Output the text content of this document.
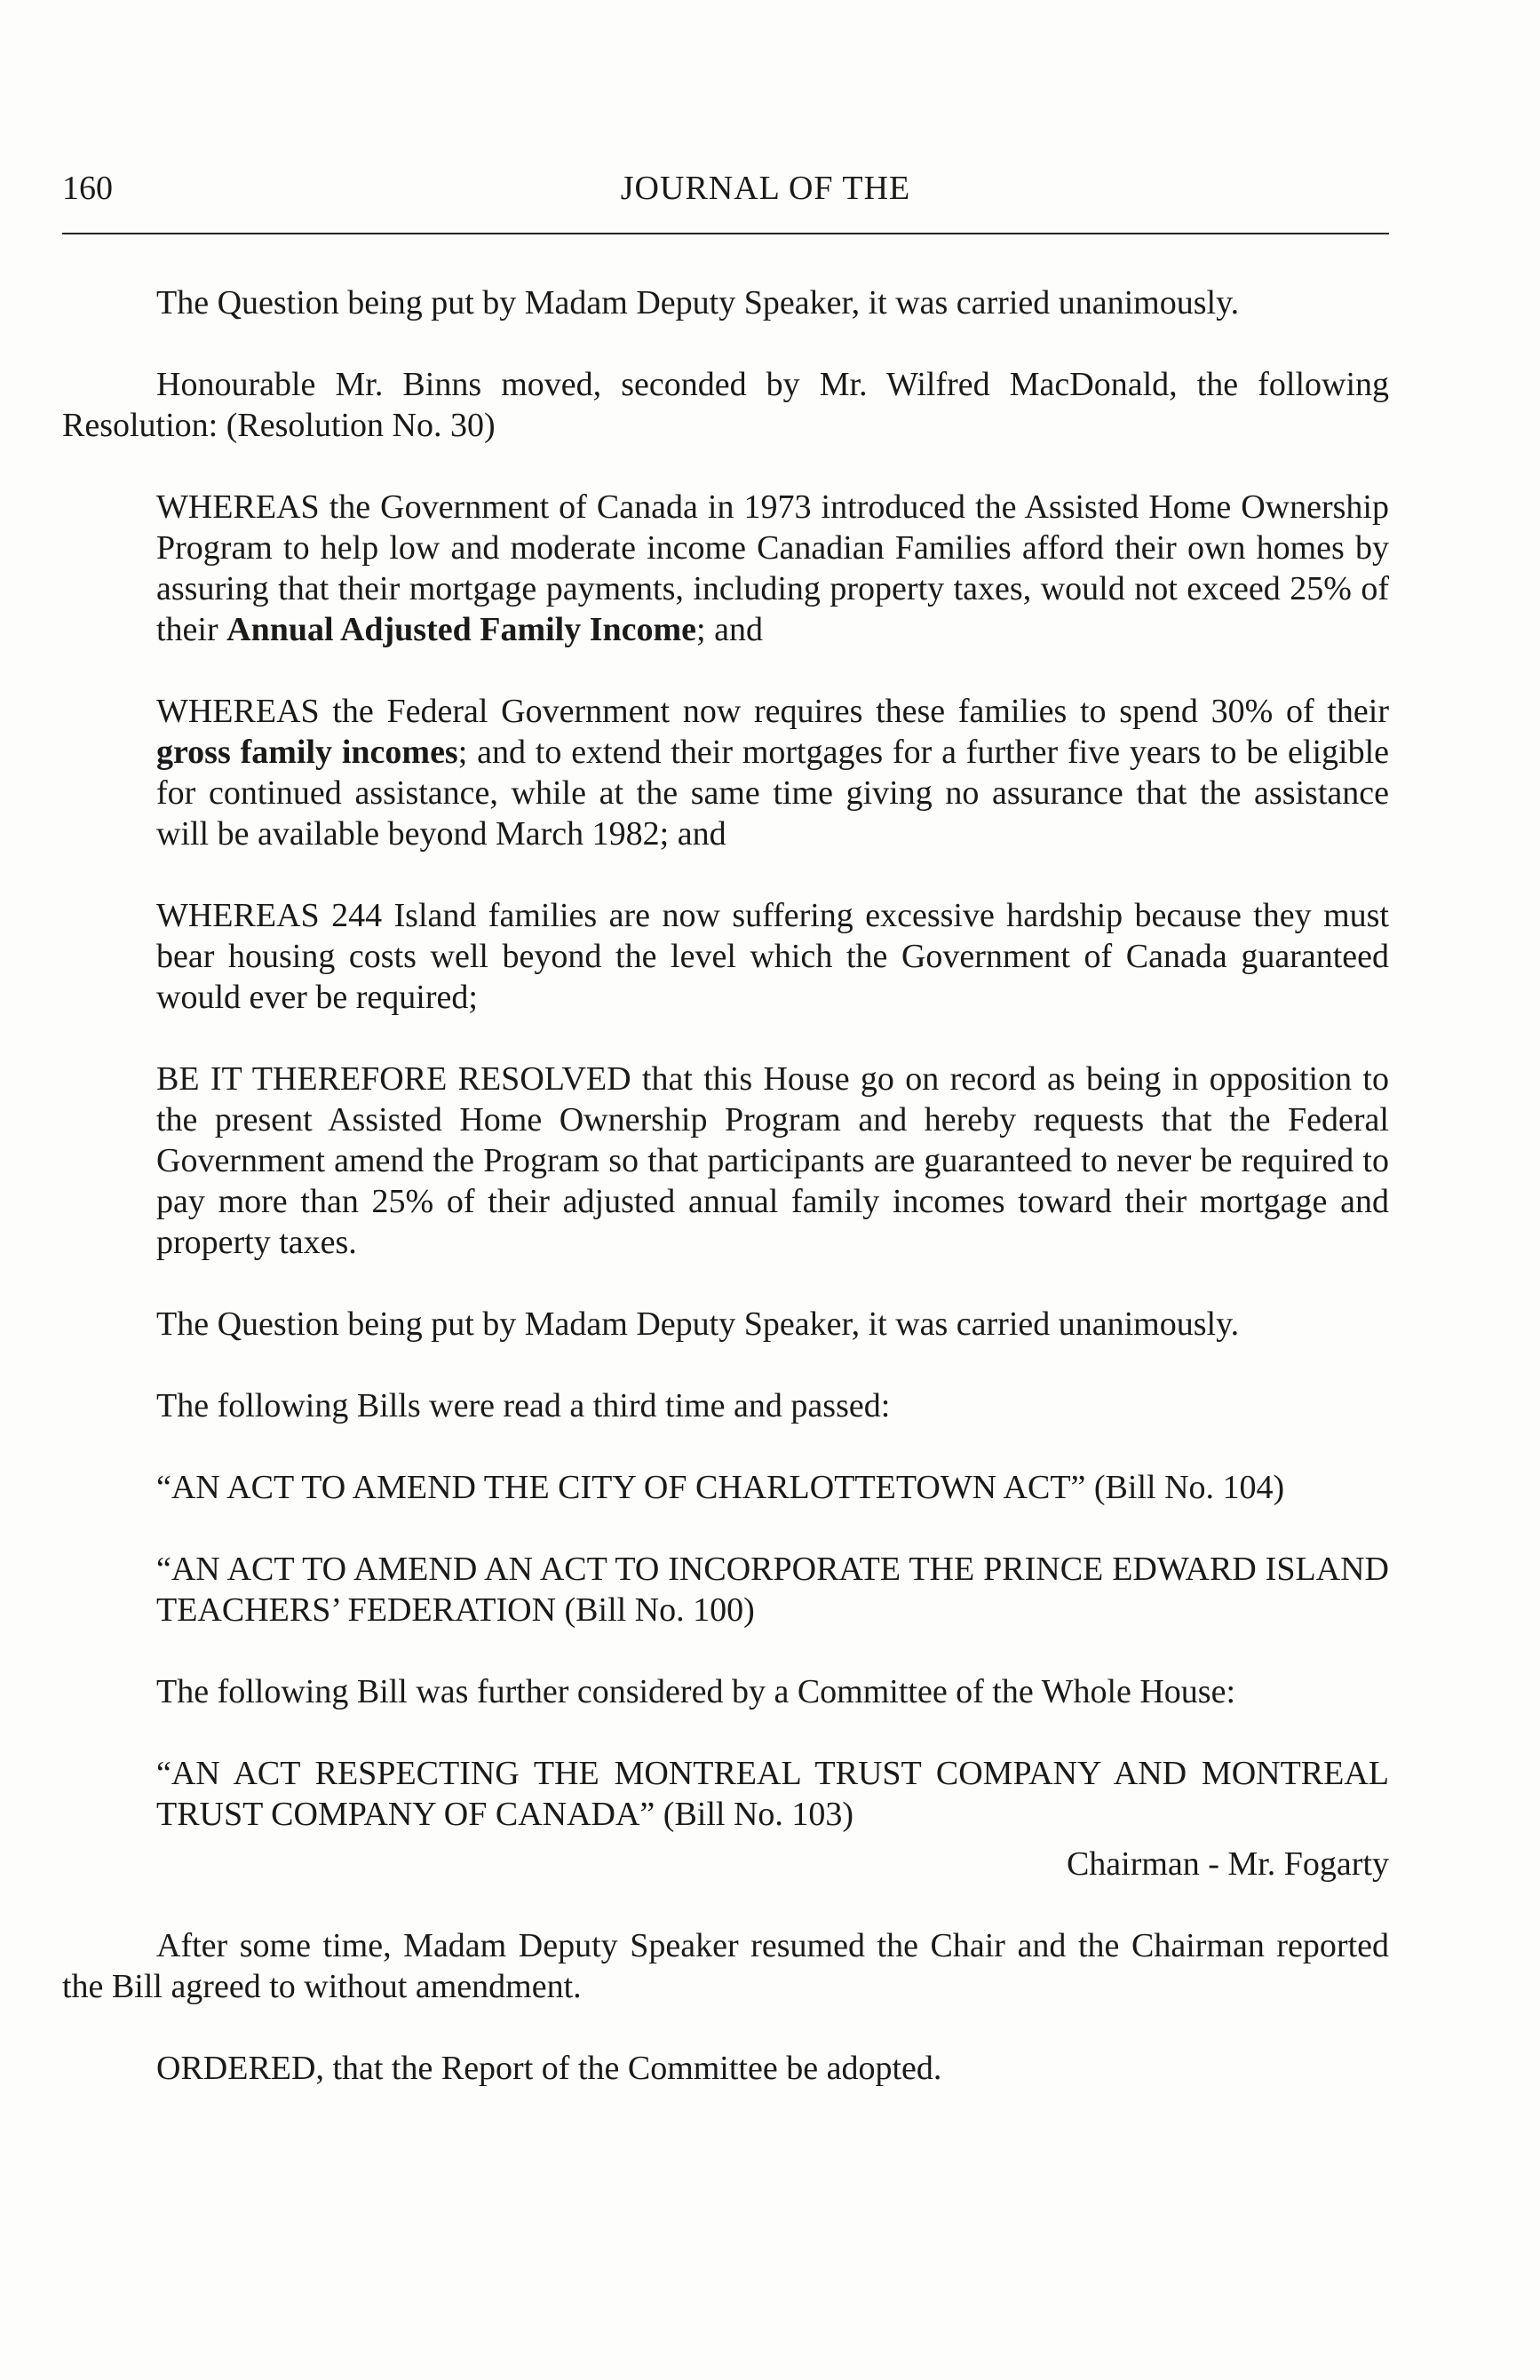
160	JOURNAL OF THE

The Question being put by Madam Deputy Speaker, it was carried unanimously.

Honourable Mr. Binns moved, seconded by Mr. Wilfred MacDonald, the following Resolution: (Resolution No. 30)

WHEREAS the Government of Canada in 1973 introduced the Assisted Home Ownership Program to help low and moderate income Canadian Families afford their own homes by assuring that their mortgage payments, including property taxes, would not exceed 25% of their Annual Adjusted Family Income; and

WHEREAS the Federal Government now requires these families to spend 30% of their gross family incomes; and to extend their mortgages for a further five years to be eligible for continued assistance, while at the same time giving no assurance that the assistance will be available beyond March 1982; and

WHEREAS 244 Island families are now suffering excessive hardship because they must bear housing costs well beyond the level which the Government of Canada guaranteed would ever be required;

BE IT THEREFORE RESOLVED that this House go on record as being in opposition to the present Assisted Home Ownership Program and hereby requests that the Federal Government amend the Program so that participants are guaranteed to never be required to pay more than 25% of their adjusted annual family incomes toward their mortgage and property taxes.

The Question being put by Madam Deputy Speaker, it was carried unanimously.

The following Bills were read a third time and passed:

“AN ACT TO AMEND THE CITY OF CHARLOTTETOWN ACT” (Bill No. 104)

“AN ACT TO AMEND AN ACT TO INCORPORATE THE PRINCE EDWARD ISLAND TEACHERS’ FEDERATION (Bill No. 100)

The following Bill was further considered by a Committee of the Whole House:

“AN ACT RESPECTING THE MONTREAL TRUST COMPANY AND MONTREAL TRUST COMPANY OF CANADA” (Bill No. 103)

Chairman - Mr. Fogarty

After some time, Madam Deputy Speaker resumed the Chair and the Chairman reported the Bill agreed to without amendment.

ORDERED, that the Report of the Committee be adopted.
